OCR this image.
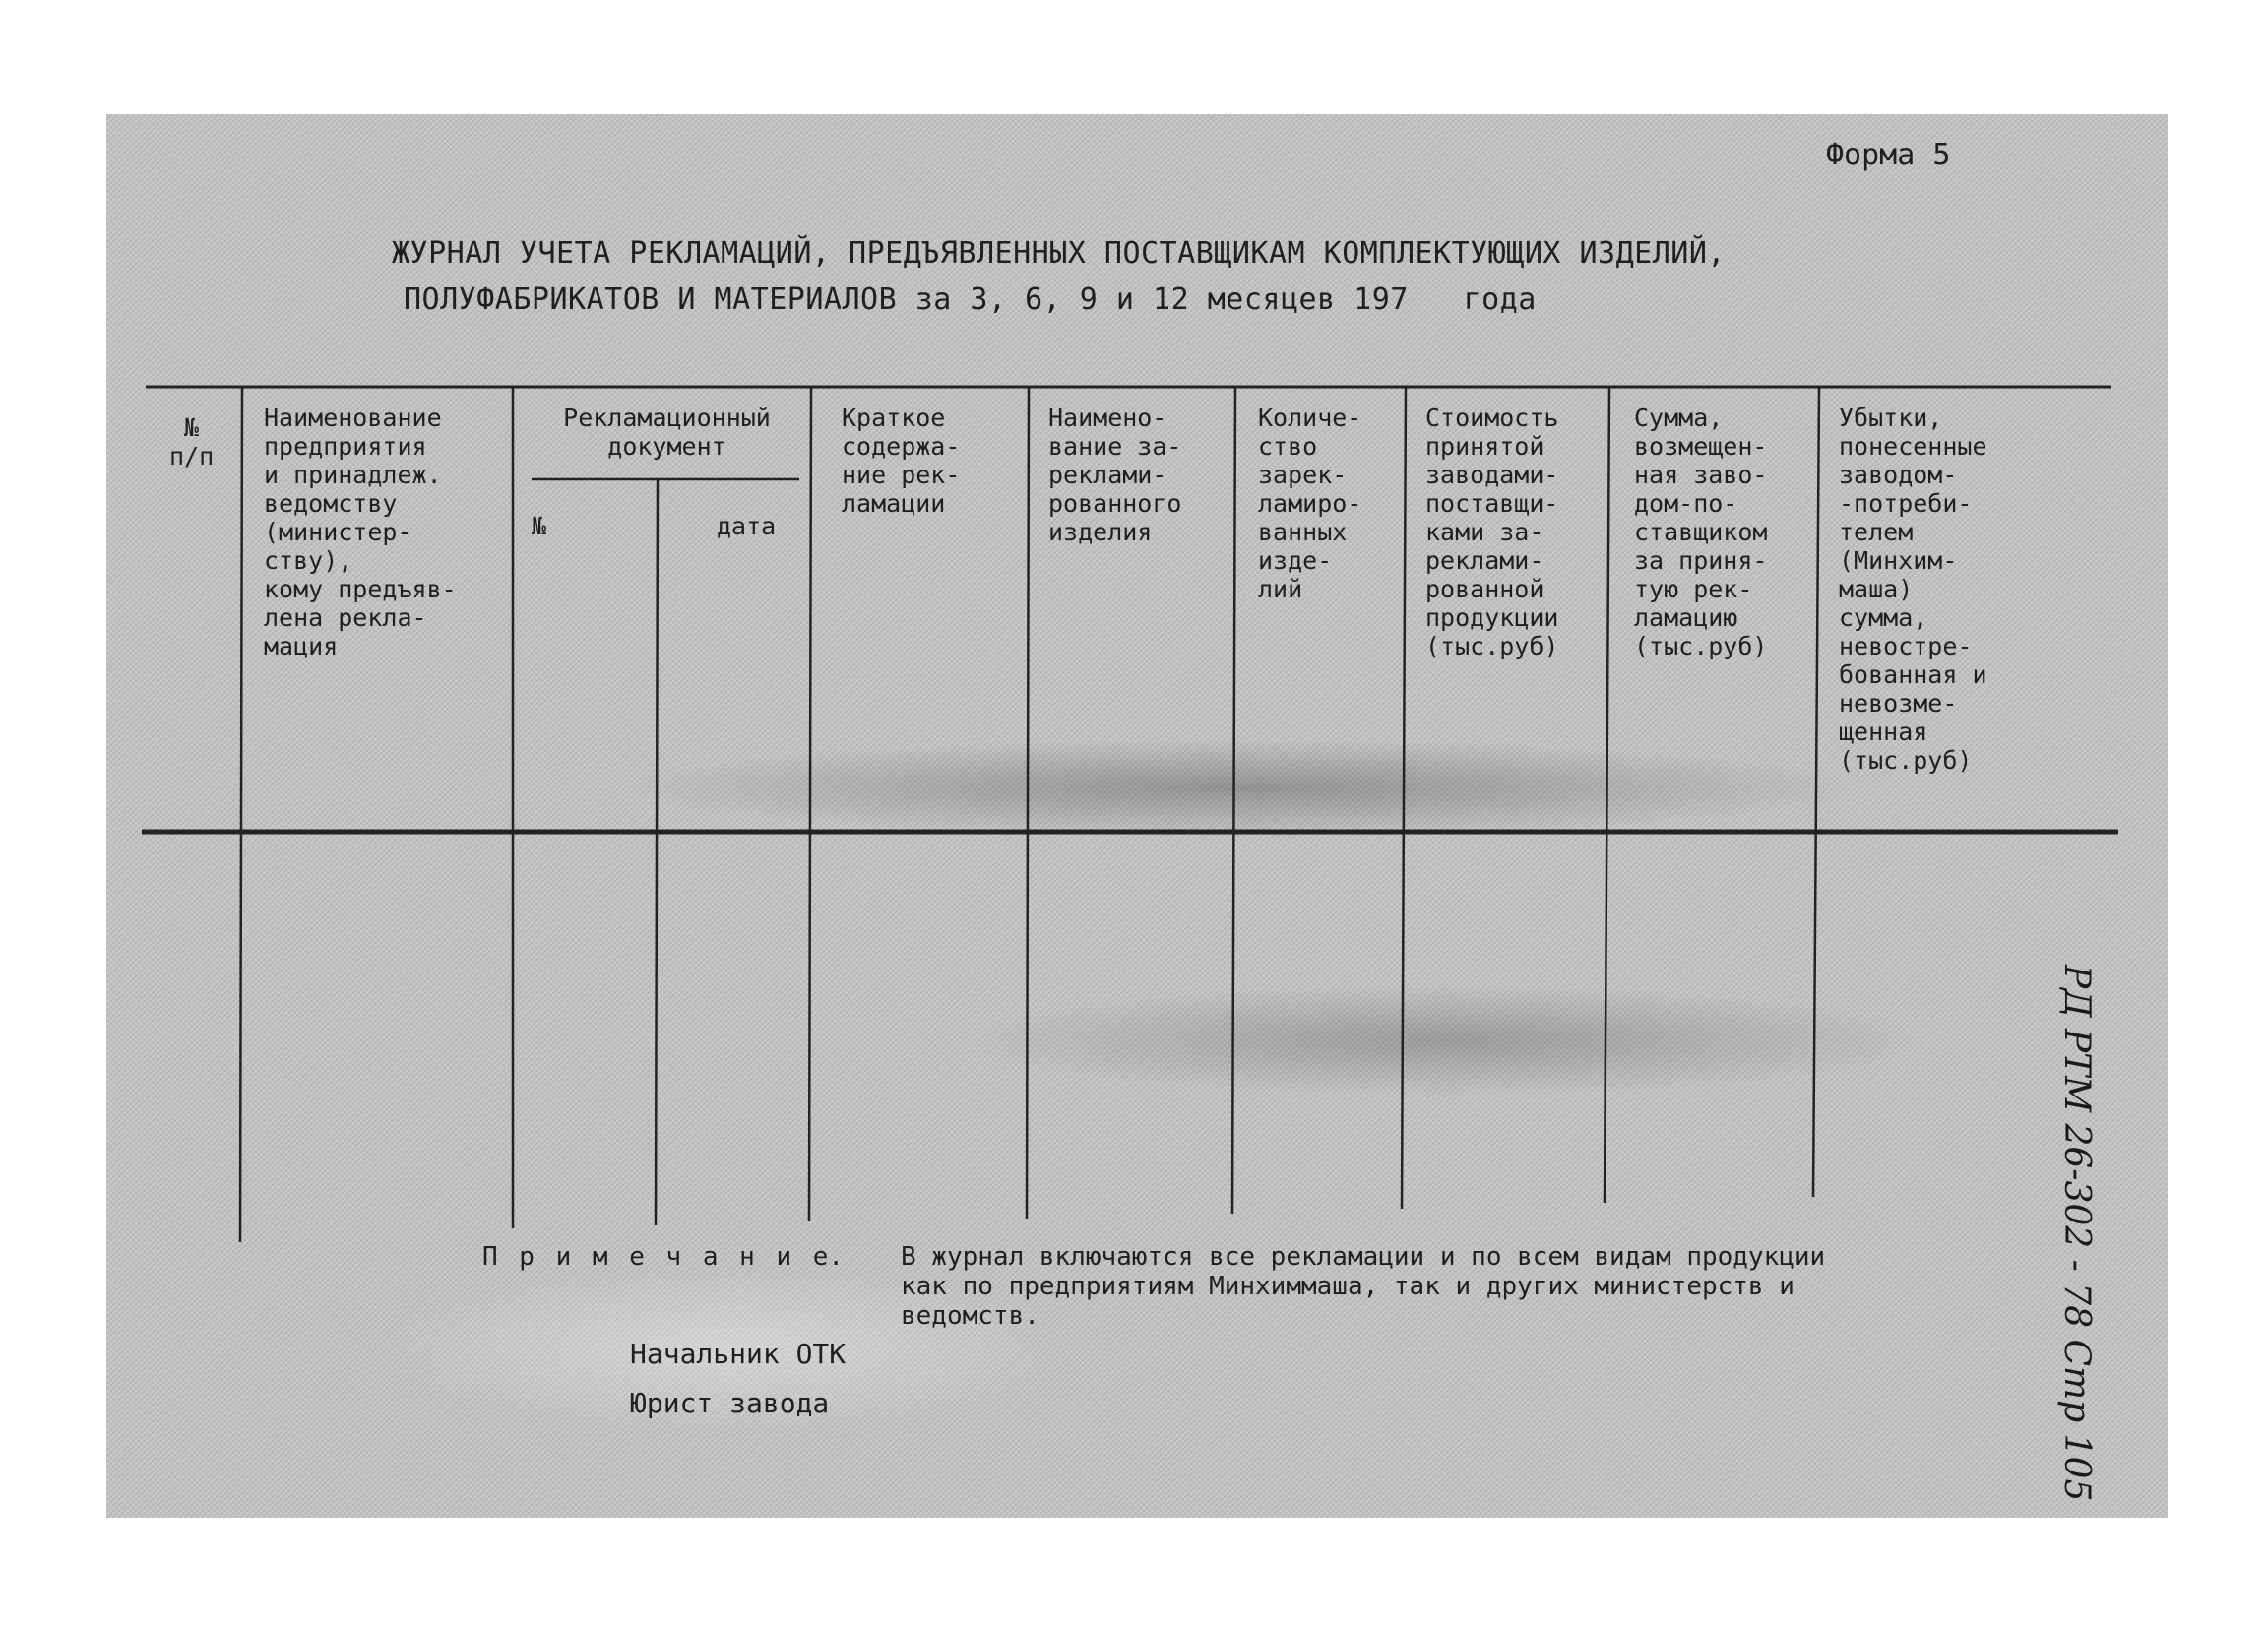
Форма 5
ЖУРНАЛ УЧЕТА РЕКЛАМАЦИЙ, ПРЕДЪЯВЛЕННЫХ ПОСТАВЩИКАМ КОМПЛЕКТУЮЩИХ ИЗДЕЛИЙ,
ПОЛУФАБРИКАТОВ И МАТЕРИАЛОВ за 3, 6, 9 и 12 месяцев 197   года
№
п/п
Наименование
предприятия
и принадлеж.
ведомству
(министер-
ству),
кому предъяв-
лена рекла-
мация
Рекламационный
документ
№	дата
Краткое
содержа-
ние рек-
ламации
Наимено-
вание за-
реклами-
рованного
изделия
Количе-
ство
зарек-
ламиро-
ванных
изде-
лий
Стоимость
принятой
заводами-
поставщи-
ками за-
реклами-
рованной
продукции
(тыс.руб)
Сумма,
возмещен-
ная заво-
дом-по-
ставщиком
за приня-
тую рек-
ламацию
(тыс.руб)
Убытки,
понесенные
заводом-
-потреби-
телем
(Минхим-
маша)
сумма,
невостре-
бованная и
невозме-
щенная
(тыс.руб)
П р и м е ч а н и е. В журнал включаются все рекламации и по всем видам продукции
как по предприятиям Минхиммаша, так и других министерств и
ведомств.
Начальник ОТК
Юрист завода	РД РТМ 26-302 - 78 Стр 105
